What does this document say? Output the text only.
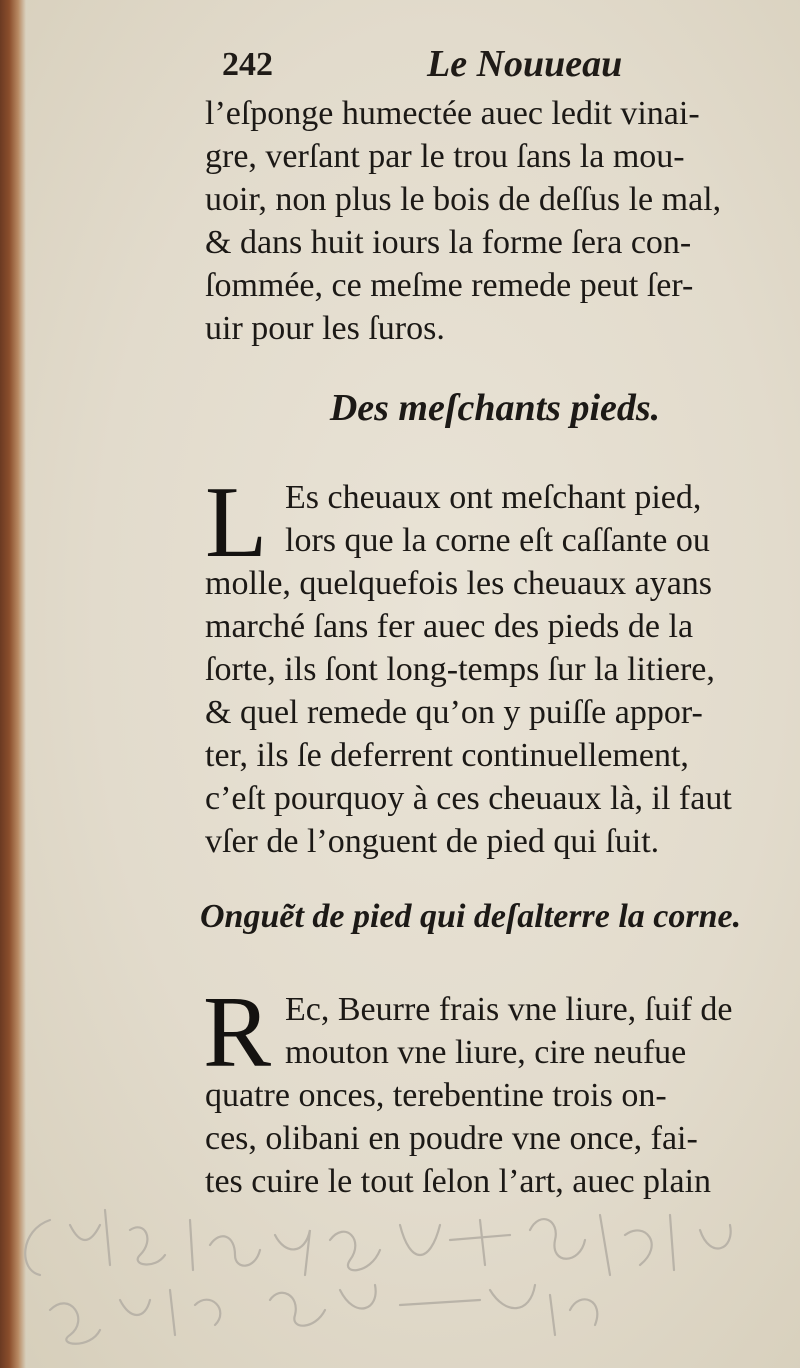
242	Le Nouueau
l’eſponge humectée auec ledit vinai-
gre, verſant par le trou ſans la mou-
uoir, non plus le bois de deſſus le mal,
& dans huit iours la forme ſera con-
ſommée, ce meſme remede peut ſer-
uir pour les ſuros.
Des meſchants pieds.
L Es cheuaux ont meſchant pied,
lors que la corne eſt caſſante ou
molle, quelquefois les cheuaux ayans
marché ſans fer auec des pieds de la
ſorte, ils ſont long-temps ſur la litiere,
& quel remede qu’on y puiſſe appor-
ter, ils ſe deferrent continuellement,
c’eſt pourquoy à ces cheuaux là, il faut
vſer de l’onguent de pied qui ſuit.
Onguẽt de pied qui deſalterre la corne.
R Ec, Beurre frais vne liure, ſuif de
mouton vne liure, cire neufue
quatre onces, terebentine trois on-
ces, olibani en poudre vne once, fai-
tes cuire le tout ſelon l’art, auec plain
